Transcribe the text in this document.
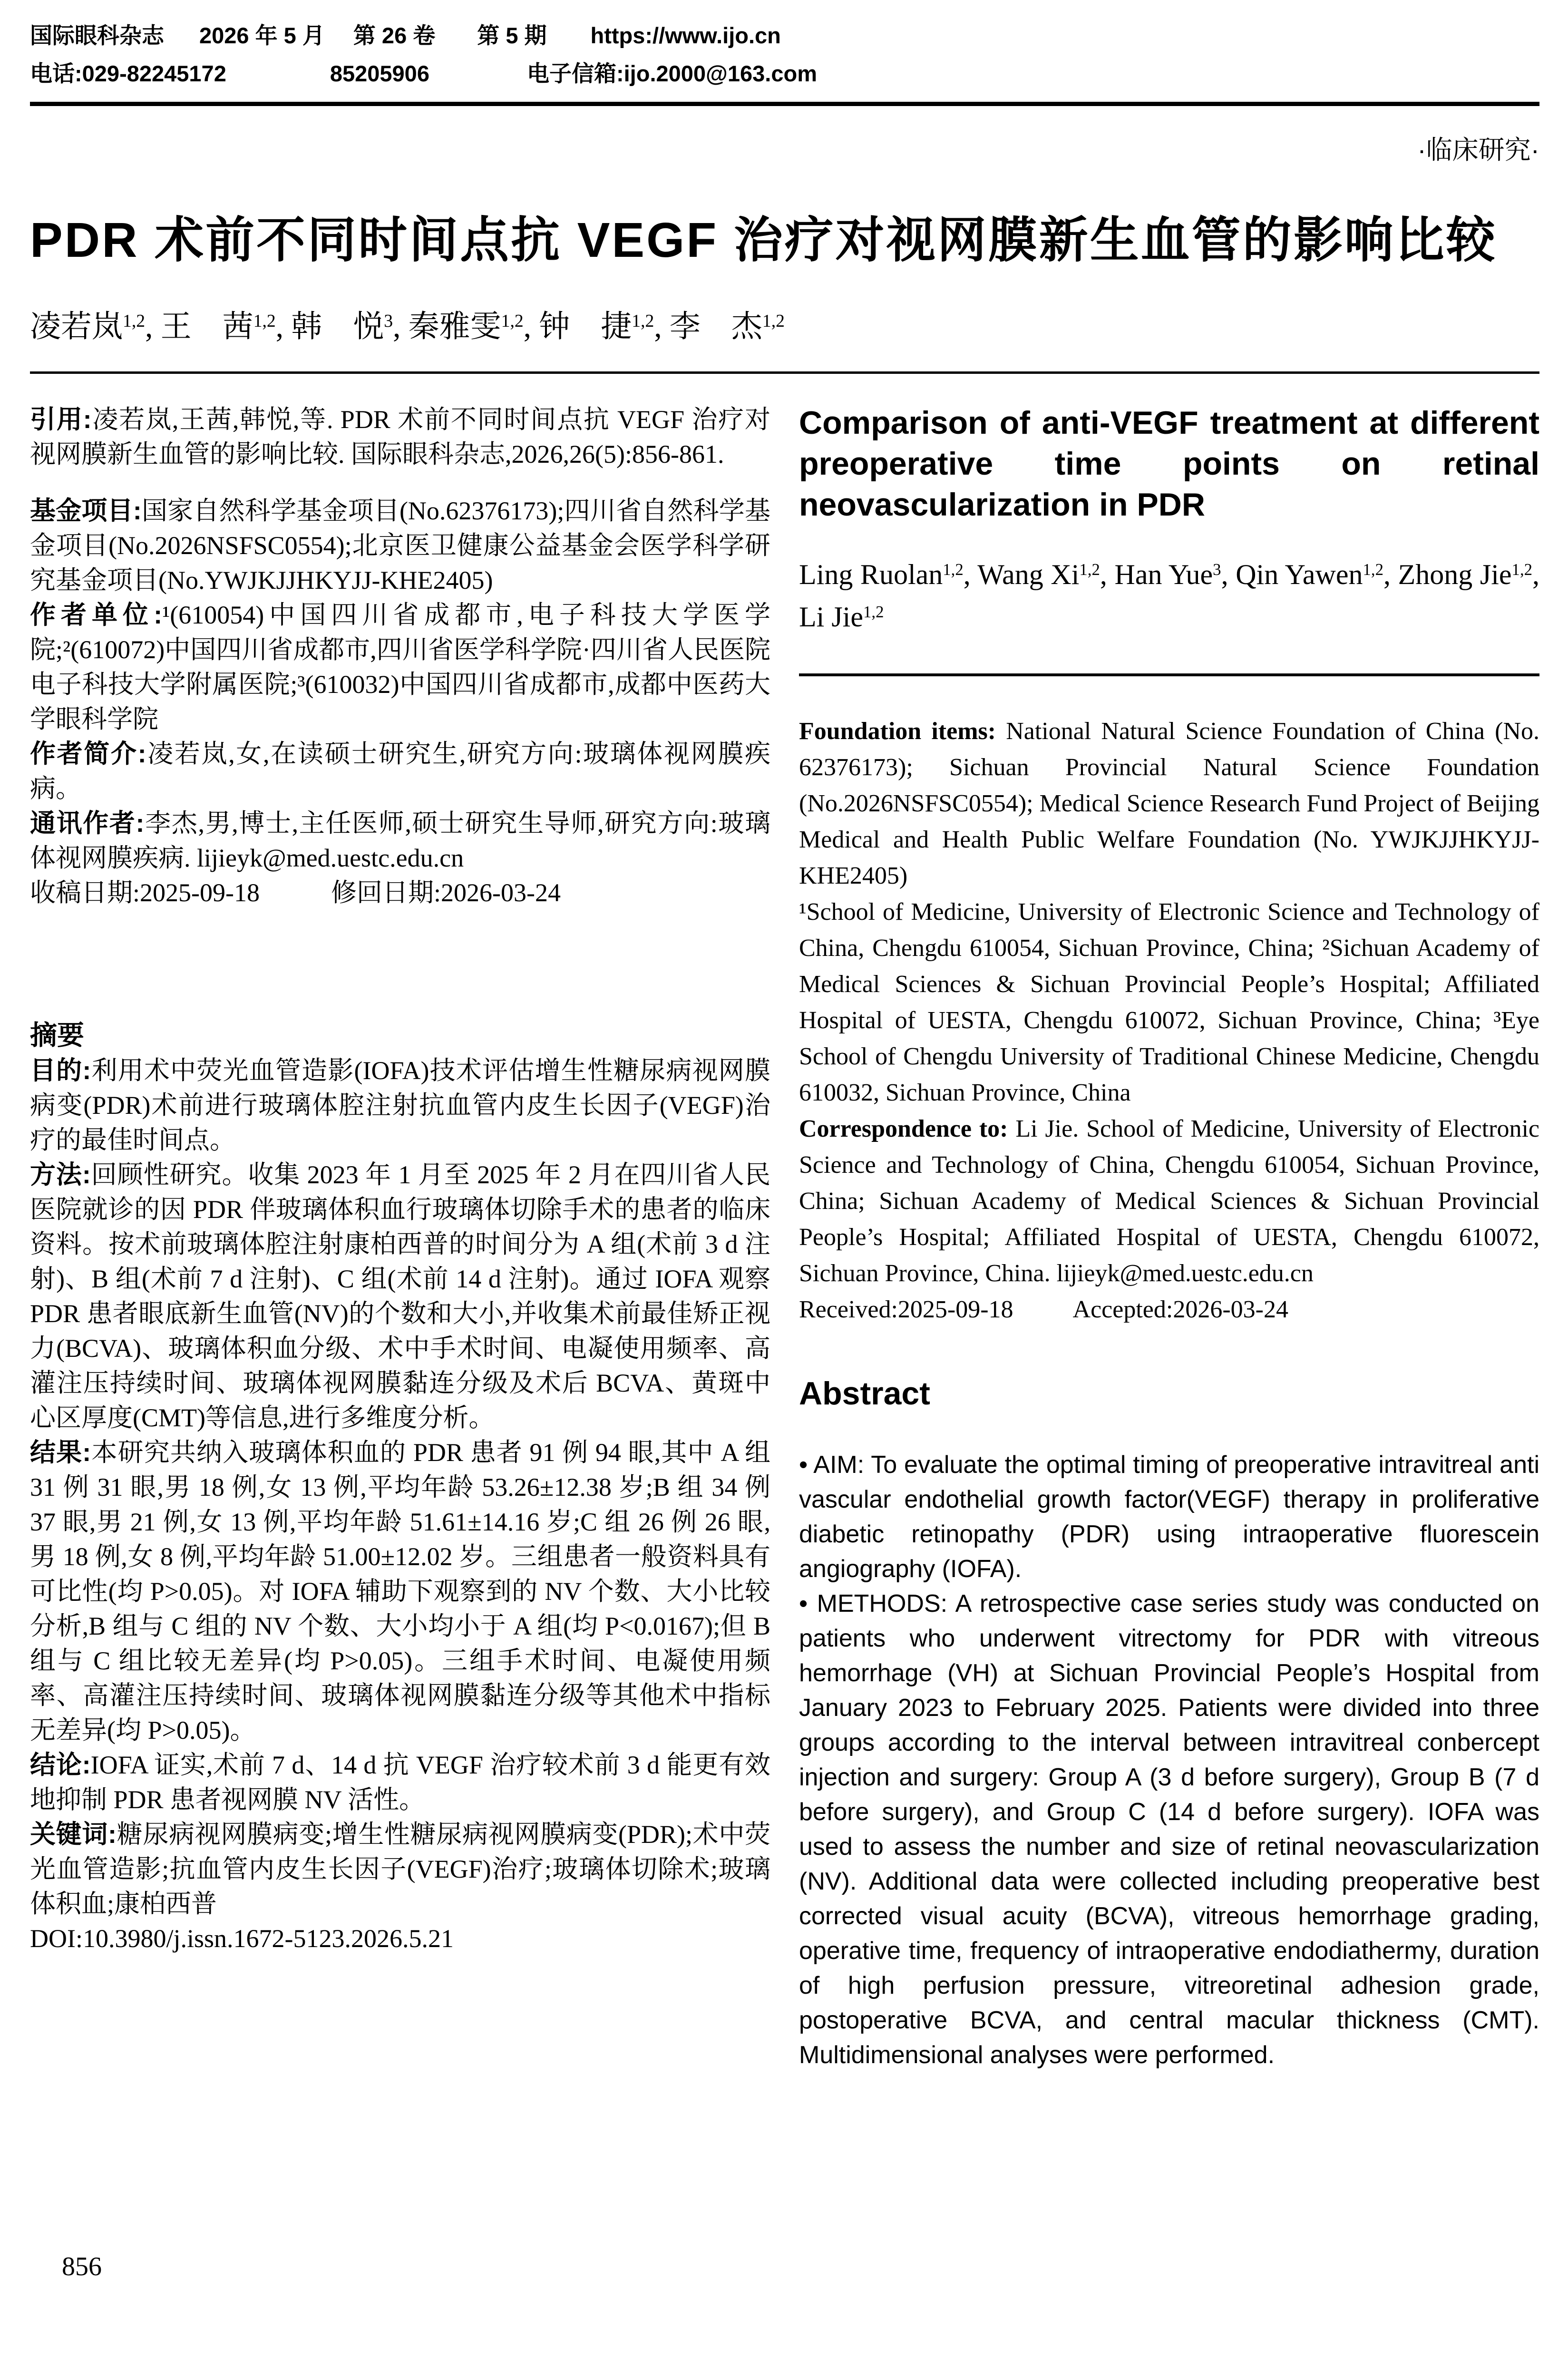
国际眼科杂志 2026 年 5 月 第 26 卷 第 5 期 https://www.ijo.cn
电话:029-82245172	85205906	电子信箱:ijo.2000@163.com
·临床研究·
PDR 术前不同时间点抗 VEGF 治疗对视网膜新生血管的影响比较
凌若岚$^{1,2}$, 王　茜$^{1,2}$, 韩　悦$^3$, 秦雅雯$^{1,2}$, 钟　捷$^{1,2}$, 李　杰$^{1,2}$

引用:凌若岚,王茜,韩悦,等. PDR 术前不同时间点抗 VEGF 治疗对视网膜新生血管的影响比较. 国际眼科杂志,2026,26(5):856-861.

基金项目:国家自然科学基金项目(No.62376173);四川省自然科学基金项目(No.2026NSFSC0554);北京医卫健康公益基金会医学科学研究基金项目(No.YWJKJJHKYJJ-KHE2405)

作者单位:¹(610054)中国四川省成都市,电子科技大学医学院;²(610072)中国四川省成都市,四川省医学科学院·四川省人民医院 电子科技大学附属医院;³(610032)中国四川省成都市,成都中医药大学眼科学院

作者简介:凌若岚,女,在读硕士研究生,研究方向:玻璃体视网膜疾病。

通讯作者:李杰,男,博士,主任医师,硕士研究生导师,研究方向:玻璃体视网膜疾病. lijieyk@med.uestc.edu.cn

收稿日期:2025-09-18	修回日期:2026-03-24

摘要

目的:利用术中荧光血管造影(IOFA)技术评估增生性糖尿病视网膜病变(PDR)术前进行玻璃体腔注射抗血管内皮生长因子(VEGF)治疗的最佳时间点。

方法:回顾性研究。收集 2023 年 1 月至 2025 年 2 月在四川省人民医院就诊的因 PDR 伴玻璃体积血行玻璃体切除手术的患者的临床资料。按术前玻璃体腔注射康柏西普的时间分为 A 组(术前 3 d 注射)、B 组(术前 7 d 注射)、C 组(术前 14 d 注射)。通过 IOFA 观察 PDR 患者眼底新生血管(NV)的个数和大小,并收集术前最佳矫正视力(BCVA)、玻璃体积血分级、术中手术时间、电凝使用频率、高灌注压持续时间、玻璃体视网膜黏连分级及术后 BCVA、黄斑中心区厚度(CMT)等信息,进行多维度分析。

结果:本研究共纳入玻璃体积血的 PDR 患者 91 例 94 眼,其中 A 组 31 例 31 眼,男 18 例,女 13 例,平均年龄 53.26±12.38 岁;B 组 34 例 37 眼,男 21 例,女 13 例,平均年龄 51.61±14.16 岁;C 组 26 例 26 眼,男 18 例,女 8 例,平均年龄 51.00±12.02 岁。三组患者一般资料具有可比性(均 P>0.05)。对 IOFA 辅助下观察到的 NV 个数、大小比较分析,B 组与 C 组的 NV 个数、大小均小于 A 组(均 P<0.0167);但 B 组与 C 组比较无差异(均 P>0.05)。三组手术时间、电凝使用频率、高灌注压持续时间、玻璃体视网膜黏连分级等其他术中指标无差异(均 P>0.05)。

结论:IOFA 证实,术前 7 d、14 d 抗 VEGF 治疗较术前 3 d 能更有效地抑制 PDR 患者视网膜 NV 活性。

关键词:糖尿病视网膜病变;增生性糖尿病视网膜病变(PDR);术中荧光血管造影;抗血管内皮生长因子(VEGF)治疗;玻璃体切除术;玻璃体积血;康柏西普

DOI:10.3980/j.issn.1672-5123.2026.5.21

Comparison of anti-VEGF treatment at different preoperative time points on retinal neovascularization in PDR

Ling Ruolan$^{1,2}$, Wang Xi$^{1,2}$, Han Yue$^3$, Qin Yawen$^{1,2}$, Zhong Jie$^{1,2}$, Li Jie$^{1,2}$

Foundation items: National Natural Science Foundation of China (No. 62376173); Sichuan Provincial Natural Science Foundation (No.2026NSFSC0554); Medical Science Research Fund Project of Beijing Medical and Health Public Welfare Foundation (No. YWJKJJHKYJJ-KHE2405)

¹School of Medicine, University of Electronic Science and Technology of China, Chengdu 610054, Sichuan Province, China; ²Sichuan Academy of Medical Sciences & Sichuan Provincial People’s Hospital; Affiliated Hospital of UESTA, Chengdu 610072, Sichuan Province, China; ³Eye School of Chengdu University of Traditional Chinese Medicine, Chengdu 610032, Sichuan Province, China

Correspondence to: Li Jie. School of Medicine, University of Electronic Science and Technology of China, Chengdu 610054, Sichuan Province, China; Sichuan Academy of Medical Sciences & Sichuan Provincial People’s Hospital; Affiliated Hospital of UESTA, Chengdu 610072, Sichuan Province, China. lijieyk@med.uestc.edu.cn

Received:2025-09-18 Accepted:2026-03-24

Abstract

• AIM: To evaluate the optimal timing of preoperative intravitreal anti vascular endothelial growth factor(VEGF) therapy in proliferative diabetic retinopathy (PDR) using intraoperative fluorescein angiography (IOFA).

• METHODS: A retrospective case series study was conducted on patients who underwent vitrectomy for PDR with vitreous hemorrhage (VH) at Sichuan Provincial People’s Hospital from January 2023 to February 2025. Patients were divided into three groups according to the interval between intravitreal conbercept injection and surgery: Group A (3 d before surgery), Group B (7 d before surgery), and Group C (14 d before surgery). IOFA was used to assess the number and size of retinal neovascularization (NV). Additional data were collected including preoperative best corrected visual acuity (BCVA), vitreous hemorrhage grading, operative time, frequency of intraoperative endodiathermy, duration of high perfusion pressure, vitreoretinal adhesion grade, postoperative BCVA, and central macular thickness (CMT). Multidimensional analyses were performed.

856
